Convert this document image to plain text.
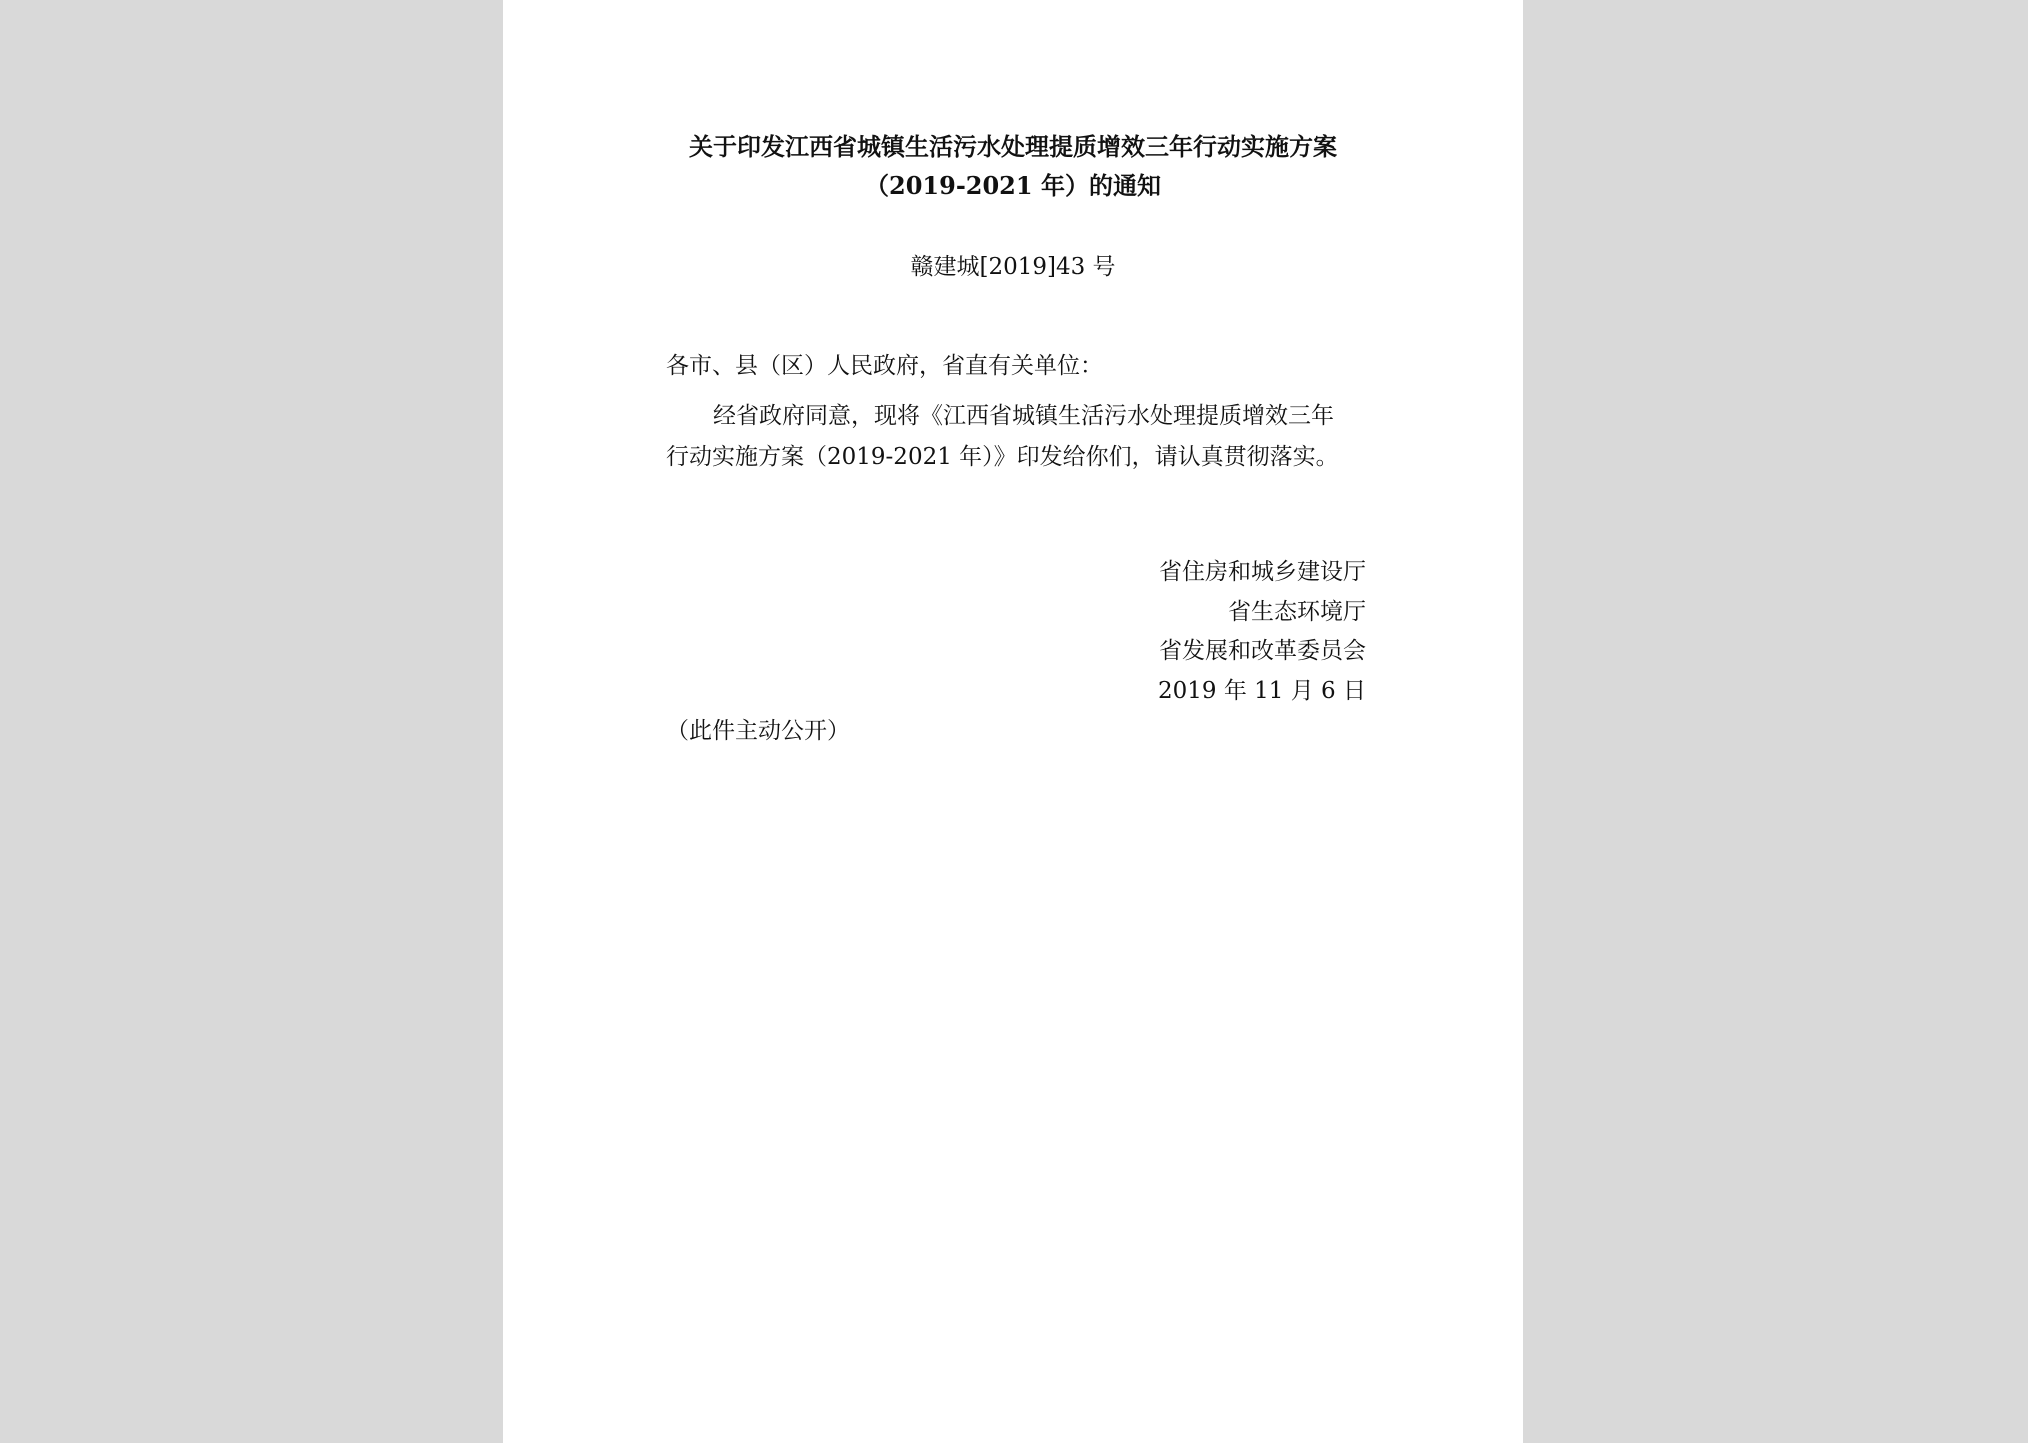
关于印发江西省城镇生活污水处理提质增效三年行动实施方案
（2019-2021 年）的通知
赣建城[2019]43 号
各市、县（区）人民政府，省直有关单位：
经省政府同意，现将《江西省城镇生活污水处理提质增效三年
行动实施方案（2019-2021 年）》印发给你们，请认真贯彻落实。
省住房和城乡建设厅
省生态环境厅
省发展和改革委员会
2019 年 11 月 6 日
（此件主动公开）
